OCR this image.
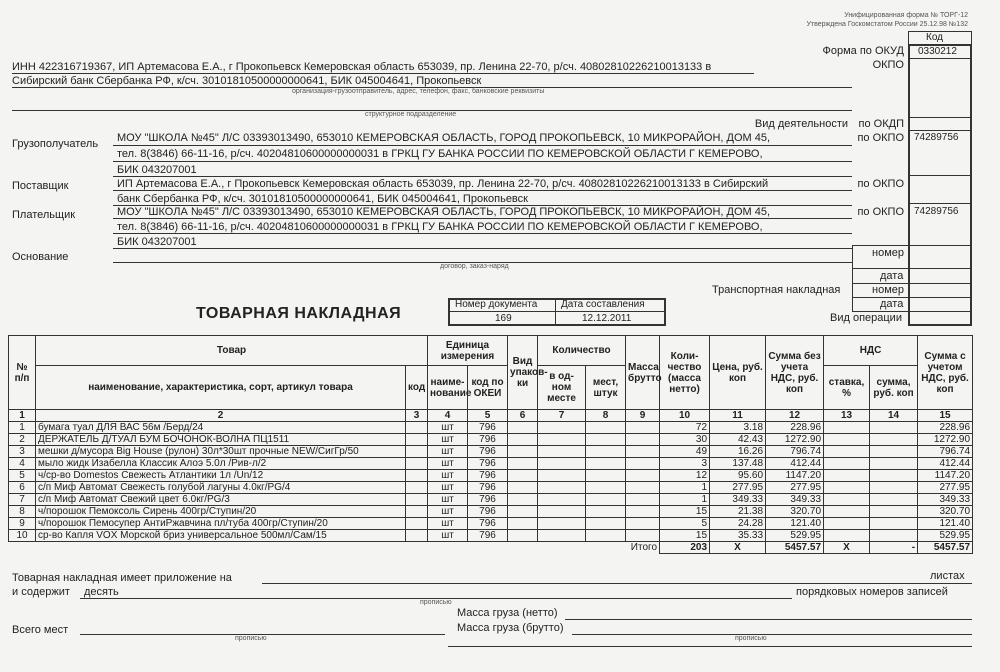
Унифицированная форма № ТОРГ-12
Утверждена Госкомстатом России 25.12.98 №132
Код
Форма по ОКУД 0330212
ОКПО
Вид деятельности по ОКДП
по ОКПО 74289756
по ОКПО
по ОКПО 74289756
номер
дата
Транспортная накладная	номер
дата
Вид операции
ИНН 422316719367, ИП Артемасова Е.А., г Прокопьевск Кемеровская область 653039, пр. Ленина 22-70, р/сч. 40802810226210013133 в
Сибирский банк Сбербанка РФ, к/сч. 30101810500000000641, БИК 045004641, Прокопьевск
организация-грузоотправитель, адрес, телефон, факс, банковские реквизиты
структурное подразделение
Грузополучатель МОУ "ШКОЛА №45" Л/С 03393013490, 653010 КЕМЕРОВСКАЯ ОБЛАСТЬ, ГОРОД ПРОКОПЬЕВСК, 10 МИКРОРАЙОН, ДОМ 45,
тел. 8(3846) 66-11-16, р/сч. 40204810600000000031 в ГРКЦ ГУ БАНКА РОССИИ ПО КЕМЕРОВСКОЙ ОБЛАСТИ Г КЕМЕРОВО,
БИК 043207001
Поставщик	ИП Артемасова Е.А., г Прокопьевск Кемеровская область 653039, пр. Ленина 22-70, р/сч. 40802810226210013133 в Сибирский
банк Сбербанка РФ, к/сч. 30101810500000000641, БИК 045004641, Прокопьевск
Плательщик	МОУ "ШКОЛА №45" Л/С 03393013490, 653010 КЕМЕРОВСКАЯ ОБЛАСТЬ, ГОРОД ПРОКОПЬЕВСК, 10 МИКРОРАЙОН, ДОМ 45,
тел. 8(3846) 66-11-16, р/сч. 40204810600000000031 в ГРКЦ ГУ БАНКА РОССИИ ПО КЕМЕРОВСКОЙ ОБЛАСТИ Г КЕМЕРОВО,
БИК 043207001
Основание
договор, заказ-наряд
ТОВАРНАЯ НАКЛАДНАЯ
Номер документа Дата составления
169	12.12.2011
№ п/п	Товар		Единица измерения		Вид упаков- ки	Количество		Масса брутто	Коли- чество (масса нетто)	Цена, руб. коп	Сумма без учета НДС, руб. коп	НДС		Сумма с учетом НДС, руб. коп
	наименование, характеристика, сорт, артикул товара	код	наиме- нование	код по ОКЕИ		в од- ном месте	мест, штук					ставка, %	сумма, руб. коп	
1	2	3	4	5	6	7	8	9	10	11	12	13	14	15
1	бумага туал ДЛЯ ВАС 56м /Берд/24		шт	796					72	3.18	228.96			228.96
2	ДЕРЖАТЕЛЬ Д/ТУАЛ БУМ БОЧОНОК-ВОЛНА ПЦ1511		шт	796					30	42.43	1272.90			1272.90
3	мешки д/мусора Big House (рулон) 30л*30шт прочные NEW/СигГр/50		шт	796					49	16.26	796.74			796.74
4	мыло жидк Изабелла Классик Алоэ 5.0л /Рив-л/2		шт	796					3	137.48	412.44			412.44
5	ч/ср-во Domestos Свежесть Атлантики 1л /Un/12		шт	796					12	95.60	1147.20			1147.20
6	с/п Миф Автомат Свежесть голубой лагуны 4.0кг/PG/4		шт	796					1	277.95	277.95			277.95
7	с/п Миф Автомат Свежий цвет 6.0кг/PG/3		шт	796					1	349.33	349.33			349.33
8	ч/порошок Пемоксоль Сирень 400гр/Ступин/20		шт	796					15	21.38	320.70			320.70
9	ч/порошок Пемосупер АнтиРжавчина пл/туба 400гр/Ступин/20		шт	796					5	24.28	121.40			121.40
10	ср-во Капля VOX Морской бриз универсальное 500мл/Сам/15		шт	796					15	35.33	529.95			529.95
Итого									203	X	5457.57	X	-	5457.57
Товарная накладная имеет приложение на	листах
и содержит десять	порядковых номеров записей
прописью
Масса груза (нетто)
Масса груза (брутто)
прописью
Всего мест
прописью
